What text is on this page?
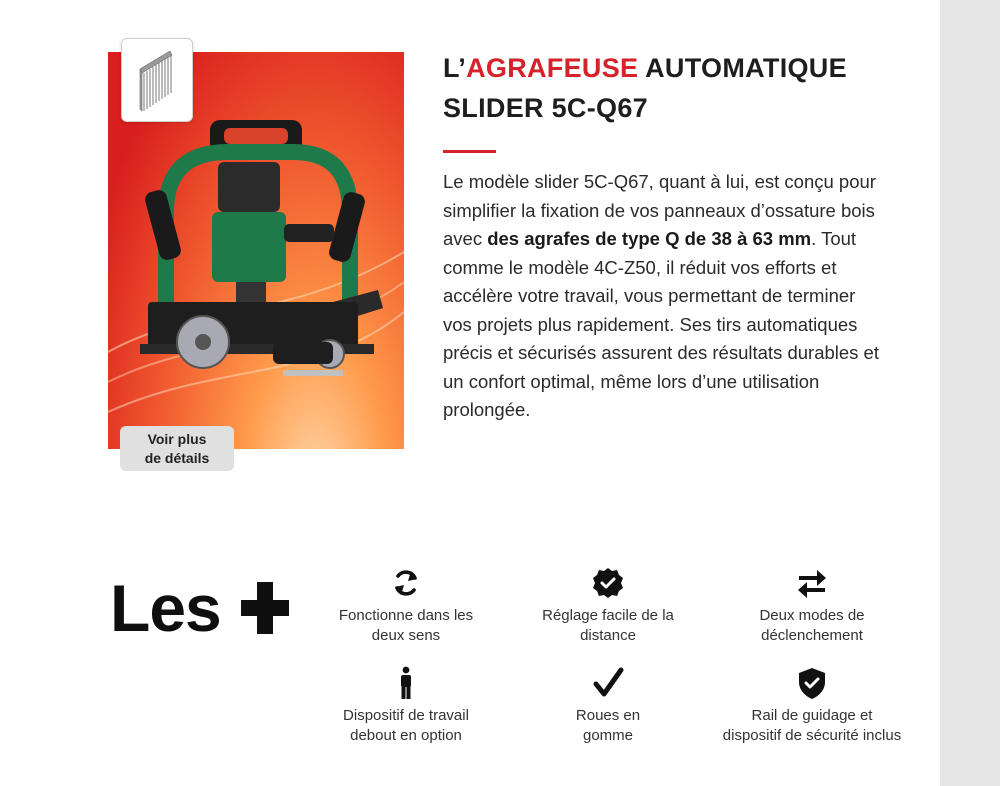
Voir plus
de détails
L’AGRAFEUSE AUTOMATIQUE
SLIDER 5C-Q67
Le modèle slider 5C-Q67, quant à lui, est conçu pour simplifier la fixation de vos panneaux d’ossature bois avec des agrafes de type Q de 38 à 63 mm. Tout comme le modèle 4C-Z50, il réduit vos efforts et accélère votre travail, vous permettant de terminer vos projets plus rapidement. Ses tirs automatiques précis et sécurisés assurent des résultats durables et un confort optimal, même lors d’une utilisation prolongée.
Les	Fonctionne dans les
deux sens
Réglage facile de la
distance
Deux modes de
déclenchement
Dispositif de travail
debout en option
Roues en
gomme
Rail de guidage et
dispositif de sécurité inclus
